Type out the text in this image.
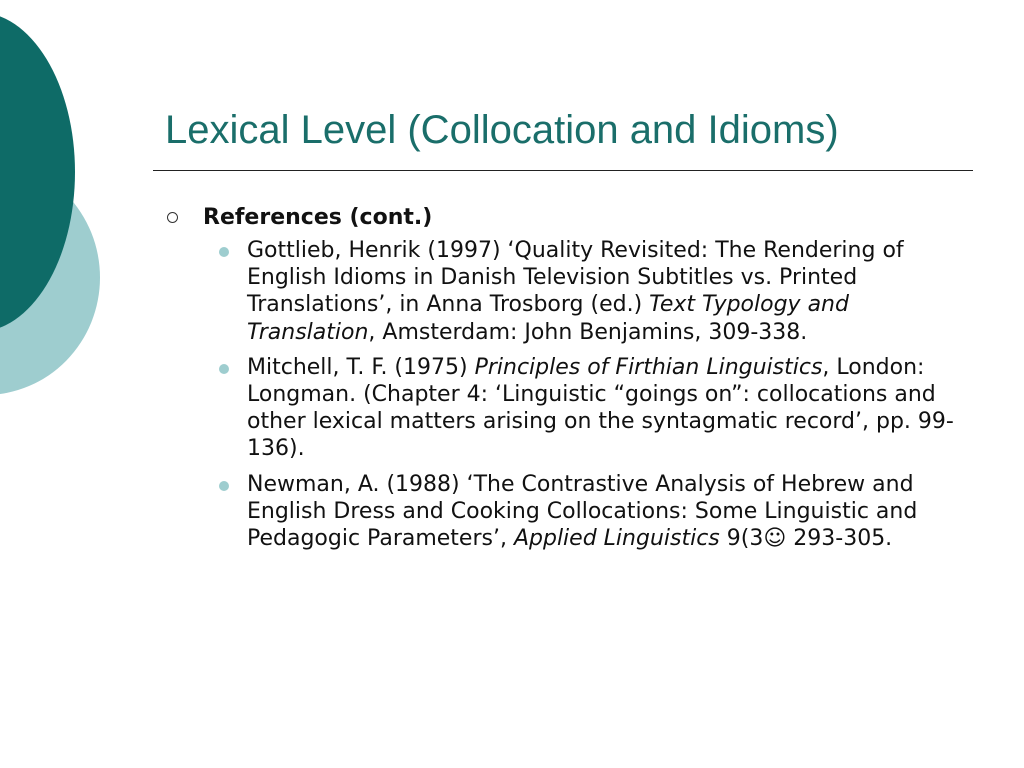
Lexical Level (Collocation and Idioms)
References (cont.)
Gottlieb, Henrik (1997) ‘Quality Revisited: The Rendering of English Idioms in Danish Television Subtitles vs. Printed Translations’, in Anna Trosborg (ed.) Text Typology and Translation, Amsterdam: John Benjamins, 309-338.
Mitchell, T. F. (1975) Principles of Firthian Linguistics, London: Longman. (Chapter 4: ‘Linguistic “goings on”: collocations and other lexical matters arising on the syntagmatic record’, pp. 99-136).
Newman, A. (1988) ‘The Contrastive Analysis of Hebrew and English Dress and Cooking Collocations: Some Linguistic and Pedagogic Parameters’, Applied Linguistics 9(3☺ 293-305.
